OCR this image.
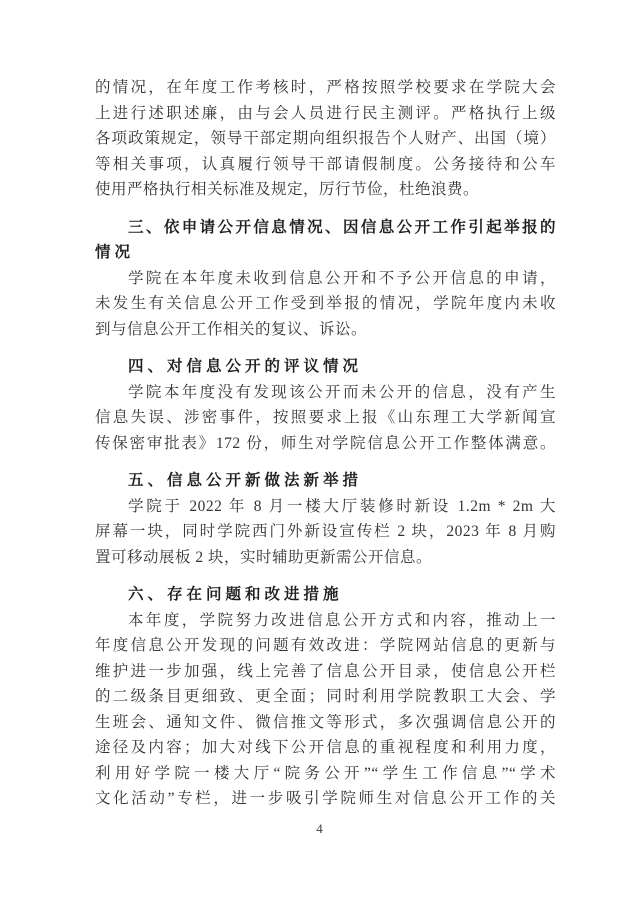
的情况，在年度工作考核时，严格按照学校要求在学院大会
上进行述职述廉，由与会人员进行民主测评。严格执行上级
各项政策规定，领导干部定期向组织报告个人财产、出国（境）
等相关事项，认真履行领导干部请假制度。公务接待和公车
使用严格执行相关标准及规定，厉行节俭，杜绝浪费。
三、依申请公开信息情况、因信息公开工作引起举报的
情况
学院在本年度未收到信息公开和不予公开信息的申请，
未发生有关信息公开工作受到举报的情况，学院年度内未收
到与信息公开工作相关的复议、诉讼。
四、对信息公开的评议情况
学院本年度没有发现该公开而未公开的信息，没有产生
信息失误、涉密事件，按照要求上报《山东理工大学新闻宣
传保密审批表》172 份，师生对学院信息公开工作整体满意。
五、信息公开新做法新举措
学院于 2022 年 8 月一楼大厅装修时新设 1.2m * 2m 大
屏幕一块，同时学院西门外新设宣传栏 2 块，2023 年 8 月购
置可移动展板 2 块，实时辅助更新需公开信息。
六、存在问题和改进措施
本年度，学院努力改进信息公开方式和内容，推动上一
年度信息公开发现的问题有效改进：学院网站信息的更新与
维护进一步加强，线上完善了信息公开目录，使信息公开栏
的二级条目更细致、更全面；同时利用学院教职工大会、学
生班会、通知文件、微信推文等形式，多次强调信息公开的
途径及内容；加大对线下公开信息的重视程度和利用力度，
利用好学院一楼大厅“院务公开”“学生工作信息”“学术
文化活动”专栏，进一步吸引学院师生对信息公开工作的关
4
